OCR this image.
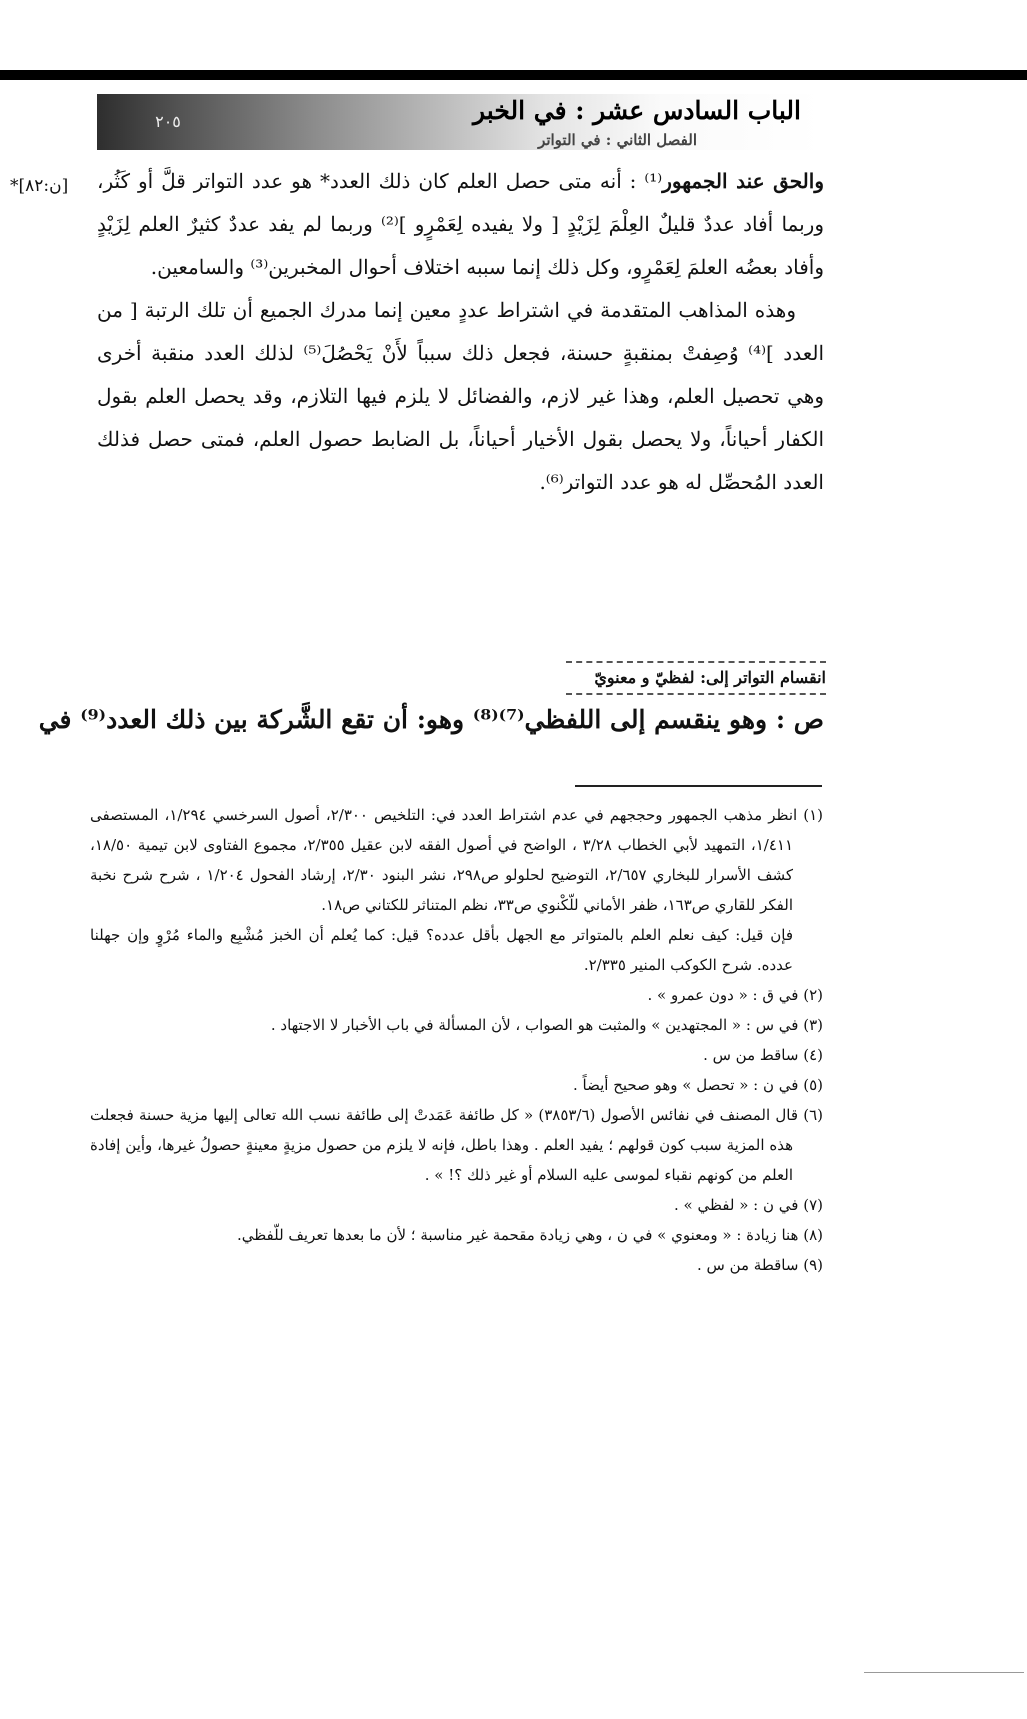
٢٠٥	الباب السادس عشر : في الخبر
الفصل الثاني : في التواتر
[ن:٨٢]*	والحق عند الجمهور⁽¹⁾ : أنه متى حصل العلم كان ذلك العدد* هو عدد التواتر قلَّ أو كَثُر، وربما أفاد عددٌ قليلٌ العِلْمَ لِزَيْدٍ [ ولا يفيده لِعَمْرٍو ]⁽²⁾ وربما لم يفد عددٌ كثيرٌ العلم لِزَيْدٍ وأفاد بعضُه العلمَ لِعَمْرٍو، وكل ذلك إنما سببه اختلاف أحوال المخبرين⁽³⁾ والسامعين.

وهذه المذاهب المتقدمة في اشتراط عددٍ معين إنما مدرك الجميع أن تلك الرتبة [ من العدد ]⁽⁴⁾ وُصِفتْ بمنقبةٍ حسنة، فجعل ذلك سبباً لأَنْ يَحْصُلَ⁽⁵⁾ لذلك العدد منقبة أخرى وهي تحصيل العلم، وهذا غير لازم، والفضائل لا يلزم فيها التلازم، وقد يحصل العلم بقول الكفار أحياناً، ولا يحصل بقول الأخيار أحياناً، بل الضابط حصول العلم، فمتى حصل فذلك العدد المُحصِّل له هو عدد التواتر⁽⁶⁾.

انقسام التواتر إلى: لفظيّ و معنويّ
ص : وهو ينقسم إلى اللفظي⁽⁷⁾⁽⁸⁾ وهو: أن تقع الشَّركة بين ذلك العدد⁽⁹⁾ في

(١) انظر مذهب الجمهور وحججهم في عدم اشتراط العدد في: التلخيص ٢/٣٠٠، أصول السرخسي ١/٢٩٤، المستصفى ١/٤١١، التمهيد لأبي الخطاب ٣/٢٨ ، الواضح في أصول الفقه لابن عقيل ٢/٣٥٥، مجموع الفتاوى لابن تيمية ١٨/٥٠، كشف الأسرار للبخاري ٢/٦٥٧، التوضيح لحلولو ص٢٩٨، نشر البنود ٢/٣٠، إرشاد الفحول ١/٢٠٤ ، شرح شرح نخبة الفكر للقاري ص١٦٣، ظفر الأماني للّكْنوي ص٣٣، نظم المتناثر للكتاني ص١٨.

فإن قيل: كيف نعلم العلم بالمتواتر مع الجهل بأقل عدده؟ قيل: كما يُعلم أن الخبز مُشْبِع والماء مُرْوٍ وإن جهلنا عدده. شرح الكوكب المنير ٢/٣٣٥.

(٢) في ق : « دون عمرو » .

(٣) في س : « المجتهدين » والمثبت هو الصواب ، لأن المسألة في باب الأخبار لا الاجتهاد .

(٤) ساقط من س .

(٥) في ن : « تحصل » وهو صحيح أيضاً .

(٦) قال المصنف في نفائس الأصول (٣٨٥٣/٦) « كل طائفة عَمَدتْ إلى طائفة نسب الله تعالى إليها مزية حسنة فجعلت هذه المزية سبب كون قولهم ؛ يفيد العلم . وهذا باطل، فإنه لا يلزم من حصول مزيةٍ معينةٍ حصولُ غيرها، وأين إفادة العلم من كونهم نقباء لموسى عليه السلام أو غير ذلك ؟! » .

(٧) في ن : « لفظي » .

(٨) هنا زيادة : « ومعنوي » في ن ، وهي زيادة مقحمة غير مناسبة ؛ لأن ما بعدها تعريف للّفظي.

(٩) ساقطة من س .
